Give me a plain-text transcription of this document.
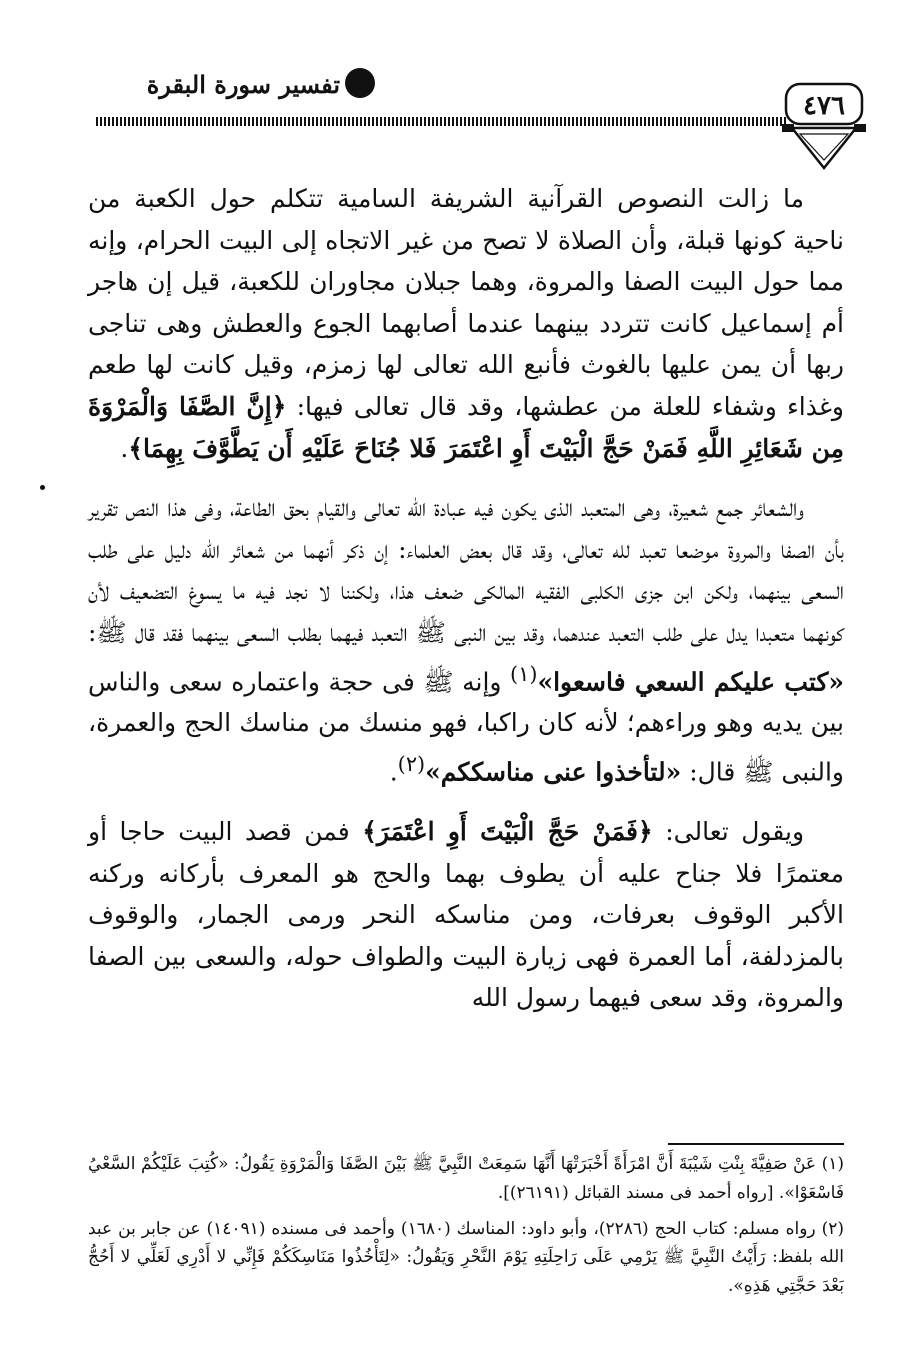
تفسير سورة البقرة
٤٧٦

ما زالت النصوص القرآنية الشريفة السامية تتكلم حول الكعبة من ناحية كونها قبلة، وأن الصلاة لا تصح من غير الاتجاه إلى البيت الحرام، وإنه مما حول البيت الصفا والمروة، وهما جبلان مجاوران للكعبة، قيل إن هاجر أم إسماعيل كانت تتردد بينهما عندما أصابهما الجوع والعطش وهى تناجى ربها أن يمن عليها بالغوث فأنبع الله تعالى لها زمزم، وقيل كانت لها طعم وغذاء وشفاء للعلة من عطشها، وقد قال تعالى فيها: ﴿إِنَّ الصَّفَا وَالْمَرْوَةَ مِن شَعَائِرِ اللَّهِ فَمَنْ حَجَّ الْبَيْتَ أَوِ اعْتَمَرَ فَلا جُنَاحَ عَلَيْهِ أَن يَطَّوَّفَ بِهِمَا﴾.

والشعائر جمع شعيرة، وهى المتعبد الذى يكون فيه عبادة الله تعالى والقيام بحق الطاعة، وفى هذا النص تقرير بأن الصفا والمروة موضعا تعبد لله تعالى، وقد قال بعض العلماء: إن ذكر أنهما من شعائر الله دليل على طلب السعى بينهما، ولكن ابن جزى الكلبى الفقيه المالكى ضعف هذا، ولكننا لا نجد فيه ما يسوغ التضعيف لأن كونهما متعبدا يدل على طلب التعبد عندهما، وقد بين النبى ﷺ التعبد فيهما بطلب السعى بينهما فقد قال ﷺ: «كتب عليكم السعي فاسعوا»$^{(١)}$ وإنه ﷺ فى حجة واعتماره سعى والناس بين يديه وهو وراءهم؛ لأنه كان راكبا، فهو منسك من مناسك الحج والعمرة، والنبى ﷺ قال: «لتأخذوا عنى مناسككم»$^{(٢)}$.

ويقول تعالى: ﴿فَمَنْ حَجَّ الْبَيْتَ أَوِ اعْتَمَرَ﴾ فمن قصد البيت حاجا أو معتمرًا فلا جناح عليه أن يطوف بهما والحج هو المعرف بأركانه وركنه الأكبر الوقوف بعرفات، ومن مناسكه النحر ورمى الجمار، والوقوف بالمزدلفة، أما العمرة فهى زيارة البيت والطواف حوله، والسعى بين الصفا والمروة، وقد سعى فيهما رسول الله

(١) عَنْ صَفِيَّةَ بِنْتِ شَيْبَةَ أَنَّ امْرَأَةً أَخْبَرَتْهَا أَنَّهَا سَمِعَتْ النَّبِيَّ ﷺ بَيْنَ الصَّفَا وَالْمَرْوَةِ يَقُولُ: «كُتِبَ عَلَيْكُمْ السَّعْيُ فَاسْعَوْا». [رواه أحمد فى مسند القبائل (٢٦١٩١)].

(٢) رواه مسلم: كتاب الحج (٢٢٨٦)، وأبو داود: المناسك (١٦٨٠) وأحمد فى مسنده (١٤٠٩١) عن جابر بن عبد الله بلفظ: رَأَيْتُ النَّبِيَّ ﷺ يَرْمِي عَلَى رَاحِلَتِهِ يَوْمَ النَّحْرِ وَيَقُولُ: «لِتَأْخُذُوا مَنَاسِكَكُمْ فَإِنِّي لا أَدْرِي لَعَلِّي لا أَحُجُّ بَعْدَ حَجَّتِي هَذِهِ».
